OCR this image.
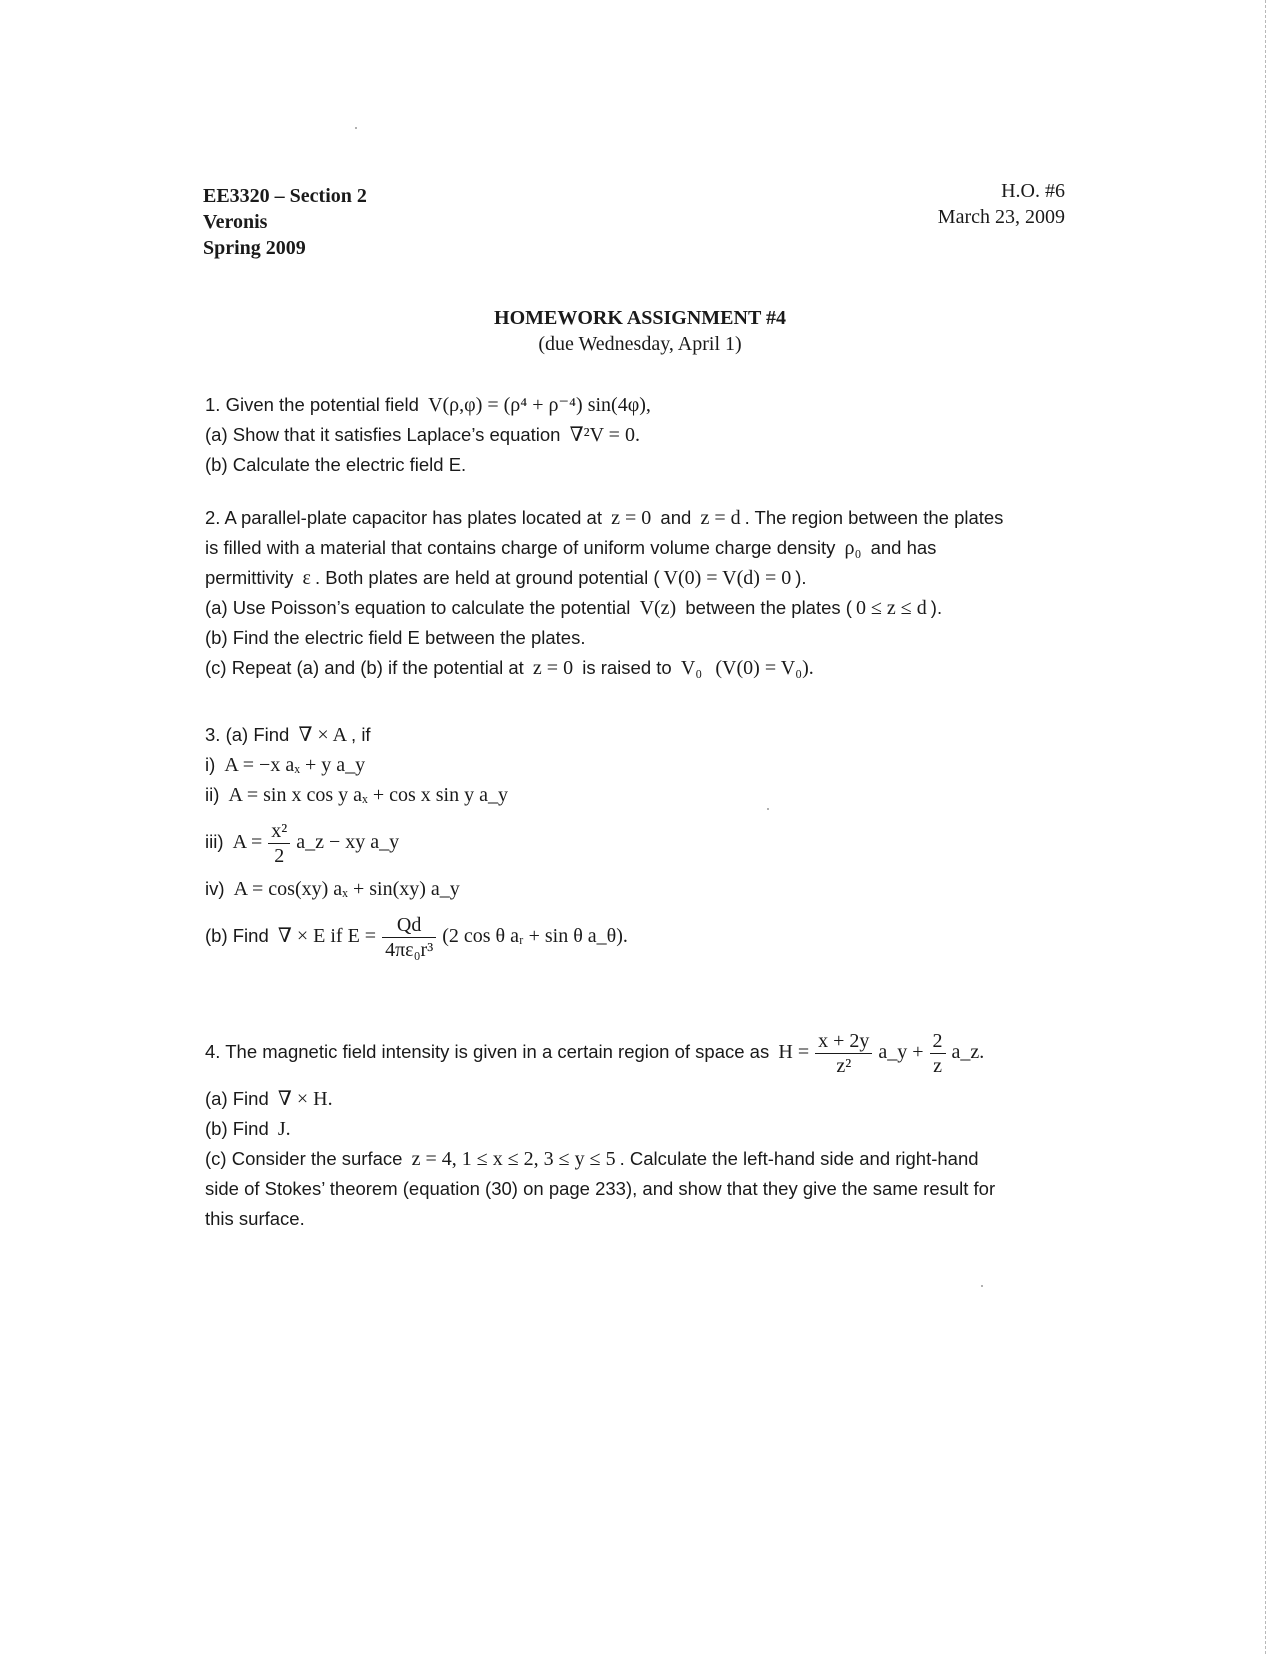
EE3320 – Section 2
Veronis
Spring 2009
H.O. #6
March 23, 2009
HOMEWORK ASSIGNMENT #4
(due Wednesday, April 1)
1. Given the potential field V(ρ,φ) = (ρ⁴ + ρ⁻⁴) sin(4φ),
(a) Show that it satisfies Laplace’s equation ∇²V = 0.
(b) Calculate the electric field E.
2. A parallel-plate capacitor has plates located at z = 0 and z = d . The region between the plates
is filled with a material that contains charge of uniform volume charge density ρ₀ and has
permittivity ε . Both plates are held at ground potential ( V(0) = V(d) = 0 ).
(a) Use Poisson’s equation to calculate the potential V(z) between the plates ( 0 ≤ z ≤ d ).
(b) Find the electric field E between the plates.
(c) Repeat (a) and (b) if the potential at z = 0 is raised to V₀ (V(0) = V₀).
3. (a) Find ∇ × A , if
i) A = −x aₓ + y a_y
ii) A = sin x cos y aₓ + cos x sin y a_y
iii) $A = \frac{\text{x²}}{2}$ a_z − xy a_y
iv) A = cos(xy) aₓ + sin(xy) a_y
(b) Find ∇ × E if $E = \frac{Qd}{\text{4πε₀r³}} (2$ cos θ aᵣ + sin θ a_θ).
4. The magnetic field intensity is given in a certain region of space as $H = \frac{x + 2y}{\text{z²}}$ a_y + $\frac{2}{z}$ a_z.
(a) Find ∇ × H.
(b) Find J.
(c) Consider the surface z = 4, 1 ≤ x ≤ 2, 3 ≤ y ≤ 5 . Calculate the left-hand side and right-hand
side of Stokes’ theorem (equation (30) on page 233), and show that they give the same result for
this surface.
